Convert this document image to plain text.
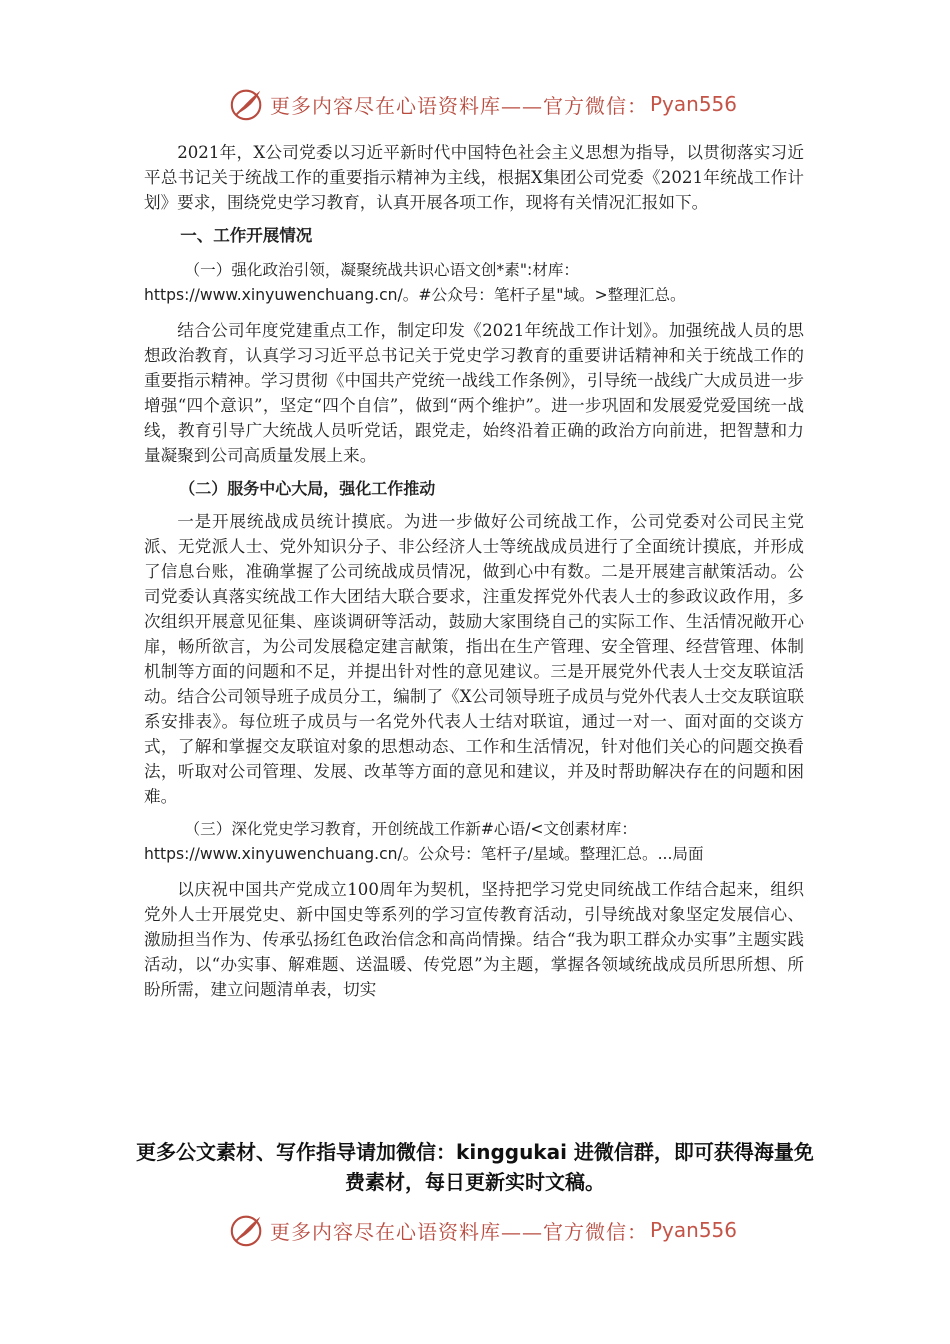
更多内容尽在心语资料库——官方微信： Pyan556

2021年，X公司党委以习近平新时代中国特色社会主义思想为指导，以贯彻落实习近平总书记关于统战工作的重要指示精神为主线，根据X集团公司党委《2021年统战工作计划》要求，围绕党史学习教育，认真开展各项工作，现将有关情况汇报如下。

一、工作开展情况
（一）强化政治引领，凝聚统战共识心语文创*素":材库：https://www.xinyuwenchuang.cn/。#公众号：笔杆子星"域。>整理汇总。

结合公司年度党建重点工作，制定印发《2021年统战工作计划》。加强统战人员的思想政治教育，认真学习习近平总书记关于党史学习教育的重要讲话精神和关于统战工作的重要指示精神。学习贯彻《中国共产党统一战线工作条例》，引导统一战线广大成员进一步增强“四个意识”，坚定“四个自信”，做到“两个维护”。进一步巩固和发展爱党爱国统一战线，教育引导广大统战人员听党话，跟党走，始终沿着正确的政治方向前进，把智慧和力量凝聚到公司高质量发展上来。

（二）服务中心大局，强化工作推动

一是开展统战成员统计摸底。为进一步做好公司统战工作，公司党委对公司民主党派、无党派人士、党外知识分子、非公经济人士等统战成员进行了全面统计摸底，并形成了信息台账，准确掌握了公司统战成员情况，做到心中有数。二是开展建言献策活动。公司党委认真落实统战工作大团结大联合要求，注重发挥党外代表人士的参政议政作用，多次组织开展意见征集、座谈调研等活动，鼓励大家围绕自己的实际工作、生活情况敞开心扉，畅所欲言，为公司发展稳定建言献策，指出在生产管理、安全管理、经营管理、体制机制等方面的问题和不足，并提出针对性的意见建议。三是开展党外代表人士交友联谊活动。结合公司领导班子成员分工，编制了《X公司领导班子成员与党外代表人士交友联谊联系安排表》。每位班子成员与一名党外代表人士结对联谊，通过一对一、面对面的交谈方式，了解和掌握交友联谊对象的思想动态、工作和生活情况，针对他们关心的问题交换看法，听取对公司管理、发展、改革等方面的意见和建议，并及时帮助解决存在的问题和困难。

（三）深化党史学习教育，开创统战工作新#心语/<文创素材库：https://www.xinyuwenchuang.cn/。公众号：笔杆子/星域。整理汇总。...局面

以庆祝中国共产党成立100周年为契机，坚持把学习党史同统战工作结合起来，组织党外人士开展党史、新中国史等系列的学习宣传教育活动，引导统战对象坚定发展信心、激励担当作为、传承弘扬红色政治信念和高尚情操。结合“我为职工群众办实事”主题实践活动，以“办实事、解难题、送温暖、传党恩”为主题，掌握各领域统战成员所思所想、所盼所需，建立问题清单表，切实

更多公文素材、写作指导请加微信：kinggukai 进微信群，即可获得海量免费素材，每日更新实时文稿。
更多内容尽在心语资料库——官方微信： Pyan556
